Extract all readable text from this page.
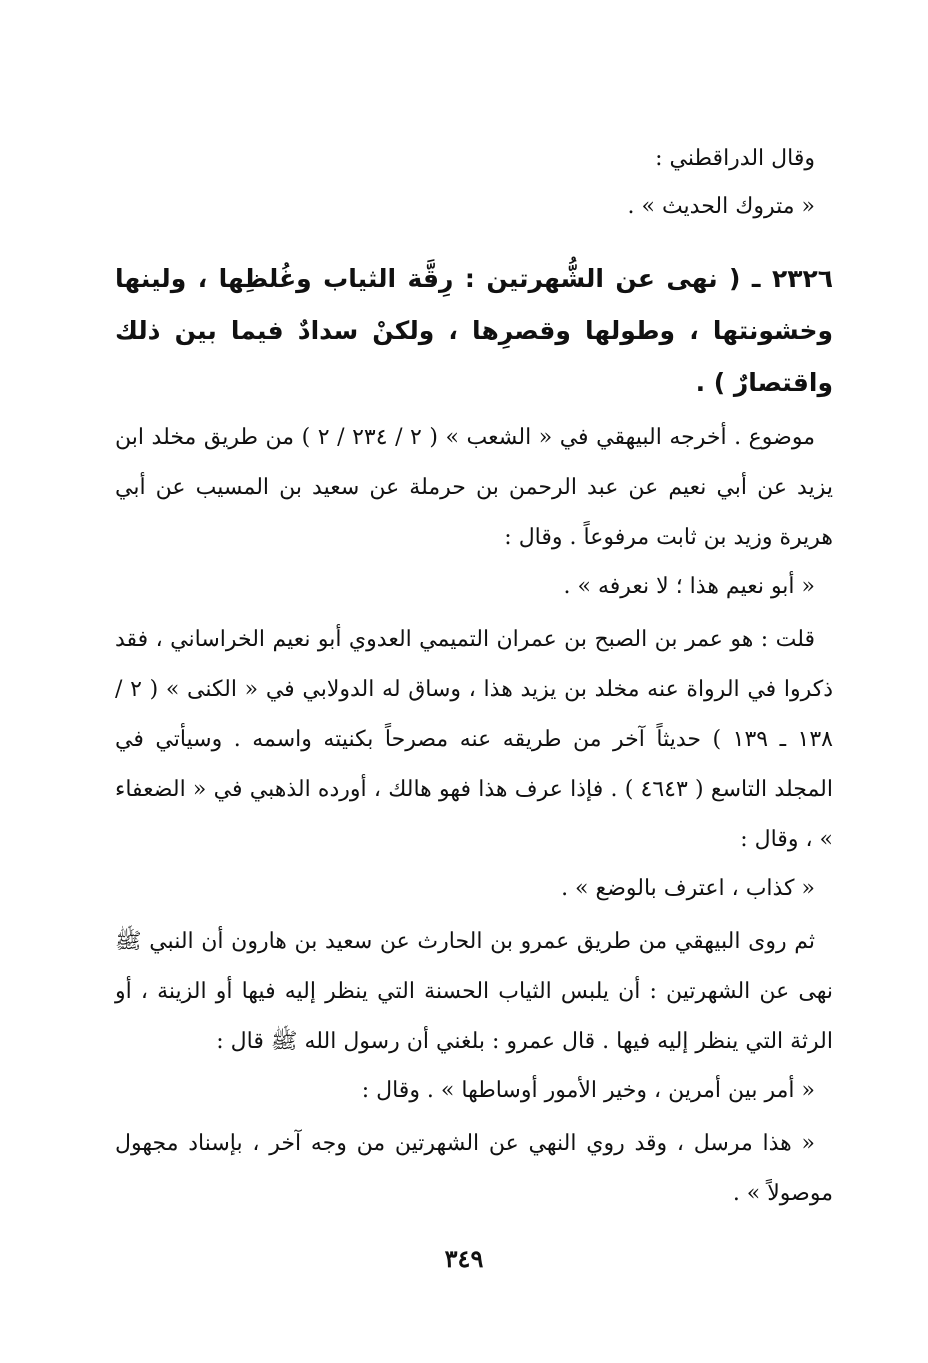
وقال الدراقطني :

« متروك الحديث » .

٢٣٢٦ ـ ( نهى عن الشُّهرتين : رِقَّة الثياب وغُلظِها ، ولينها وخشونتها ، وطولها وقصرِها ، ولكنْ سدادٌ فيما بين ذلك واقتصارٌ ) .

موضوع . أخرجه البيهقي في « الشعب » ( ٢ / ٢٣٤ / ٢ ) من طريق مخلد ابن يزيد عن أبي نعيم عن عبد الرحمن بن حرملة عن سعيد بن المسيب عن أبي هريرة وزيد بن ثابت مرفوعاً . وقال :

« أبو نعيم هذا ؛ لا نعرفه » .

قلت : هو عمر بن الصبح بن عمران التميمي العدوي أبو نعيم الخراساني ، فقد ذكروا في الرواة عنه مخلد بن يزيد هذا ، وساق له الدولابي في « الكنى » ( ٢ / ١٣٨ ـ ١٣٩ ) حديثاً آخر من طريقه عنه مصرحاً بكنيته واسمه . وسيأتي في المجلد التاسع ( ٤٦٤٣ ) . فإذا عرف هذا فهو هالك ، أورده الذهبي في « الضعفاء » ، وقال :

« كذاب ، اعترف بالوضع » .

ثم روى البيهقي من طريق عمرو بن الحارث عن سعيد بن هارون أن النبي ﷺ نهى عن الشهرتين : أن يلبس الثياب الحسنة التي ينظر إليه فيها أو الزينة ، أو الرثة التي ينظر إليه فيها . قال عمرو : بلغني أن رسول الله ﷺ قال :

« أمر بين أمرين ، وخير الأمور أوساطها » . وقال :

« هذا مرسل ، وقد روي النهي عن الشهرتين من وجه آخر ، بإسناد مجهول موصولاً » .

٣٤٩
